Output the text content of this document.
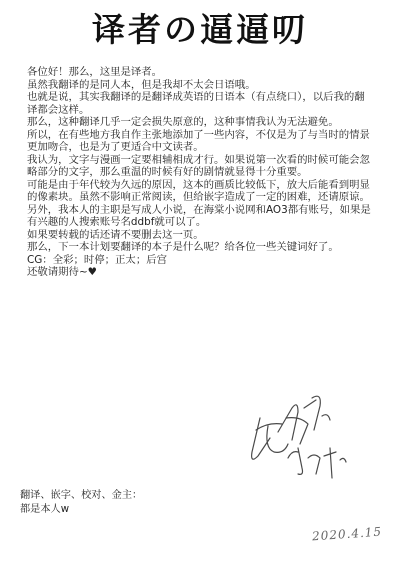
译者の逼逼叨

各位好！那么，这里是译者。

虽然我翻译的是同人本，但是我却不太会日语哦。

也就是说，其实我翻译的是翻译成英语的日语本（有点绕口），以后我的翻译都会这样。

那么，这种翻译几乎一定会损失原意的，这种事情我认为无法避免。

所以，在有些地方我自作主张地添加了一些内容，不仅是为了与当时的情景更加吻合，也是为了更适合中文读者。

我认为，文字与漫画一定要相辅相成才行。如果说第一次看的时候可能会忽略部分的文字，那么重温的时候有好的剧情就显得十分重要。

可能是由于年代较为久远的原因，这本的画质比较低下，放大后能看到明显的像素块。虽然不影响正常阅读，但给嵌字造成了一定的困难，还请原谅。

另外，我本人的主职是写成人小说，在海棠小说网和AO3都有账号，如果是有兴趣的人搜索账号名ddbf就可以了。

如果要转载的话还请不要删去这一页。

那么，下一本计划要翻译的本子是什么呢？给各位一些关键词好了。

CG：全彩；时停；正太；后宫

还敬请期待~♥

翻译、嵌字、校对、金主：

都是本人w

2020.4.15
